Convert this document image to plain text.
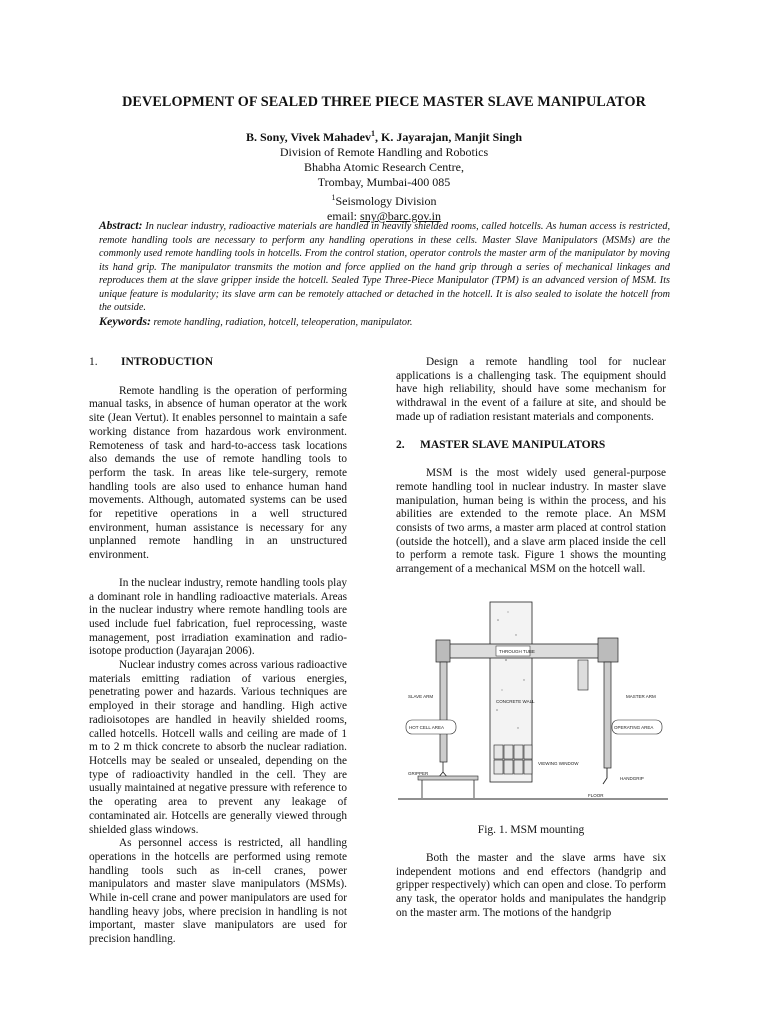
DEVELOPMENT OF SEALED THREE PIECE MASTER SLAVE MANIPULATOR
B. Sony, Vivek Mahadev$^1$, K. Jayarajan, Manjit Singh
Division of Remote Handling and Robotics
Bhabha Atomic Research Centre,
Trombay, Mumbai-400 085
$^1$Seismology Division
email: sny@barc.gov.in
Abstract: In nuclear industry, radioactive materials are handled in heavily shielded rooms, called hotcells. As human access is restricted, remote handling tools are necessary to perform any handling operations in these cells. Master Slave Manipulators (MSMs) are the commonly used remote handling tools in hotcells. From the control station, operator controls the master arm of the manipulator by moving its hand grip. The manipulator transmits the motion and force applied on the hand grip through a series of mechanical linkages and reproduces them at the slave gripper inside the hotcell. Sealed Type Three-Piece Manipulator (TPM) is an advanced version of MSM. Its unique feature is modularity; its slave arm can be remotely attached or detached in the hotcell. It is also sealed to isolate the hotcell from the outside.
Keywords: remote handling, radiation, hotcell, teleoperation, manipulator.
1. INTRODUCTION

Remote handling is the operation of performing manual tasks, in absence of human operator at the work site (Jean Vertut). It enables personnel to maintain a safe working distance from hazardous work environment. Remoteness of task and hard-to-access task locations also demands the use of remote handling tools to perform the task. In areas like tele-surgery, remote handling tools are also used to enhance human hand movements. Although, automated systems can be used for repetitive operations in a well structured environment, human assistance is necessary for any unplanned remote handling in an unstructured environment.

In the nuclear industry, remote handling tools play a dominant role in handling radioactive materials. Areas in the nuclear industry where remote handling tools are used include fuel fabrication, fuel reprocessing, waste management, post irradiation examination and radio-isotope production (Jayarajan 2006).

Nuclear industry comes across various radioactive materials emitting radiation of various energies, penetrating power and hazards. Various techniques are employed in their storage and handling. High active radioisotopes are handled in heavily shielded rooms, called hotcells. Hotcell walls and ceiling are made of 1 m to 2 m thick concrete to absorb the nuclear radiation. Hotcells may be sealed or unsealed, depending on the type of radioactivity handled in the cell. They are usually maintained at negative pressure with reference to the operating area to prevent any leakage of contaminated air. Hotcells are generally viewed through shielded glass windows.

As personnel access is restricted, all handling operations in the hotcells are performed using remote handling tools such as in-cell cranes, power manipulators and master slave manipulators (MSMs). While in-cell crane and power manipulators are used for handling heavy jobs, where precision in handling is not important, master slave manipulators are used for precision handling.

Design a remote handling tool for nuclear applications is a challenging task. The equipment should have high reliability, should have some mechanism for withdrawal in the event of a failure at site, and should be made up of radiation resistant materials and components.

2. MASTER SLAVE MANIPULATORS

MSM is the most widely used general-purpose remote handling tool in nuclear industry. In master slave manipulation, human being is within the process, and his abilities are extended to the remote place. An MSM consists of two arms, a master arm placed at control station (outside the hotcell), and a slave arm placed inside the cell to perform a remote task. Figure 1 shows the mounting arrangement of a mechanical MSM on the hotcell wall.

THROUGH TUBE
SLAVE ARM	MASTER ARM
CONCRETE WALL
HOT CELL AREA	OPERATING AREA
GRIPPER
VIEWING WINDOW
HANDGRIP
FLOOR
Fig. 1. MSM mounting

Both the master and the slave arms have six independent motions and end effectors (handgrip and gripper respectively) which can open and close. To perform any task, the operator holds and manipulates the handgrip on the master arm. The motions of the handgrip
